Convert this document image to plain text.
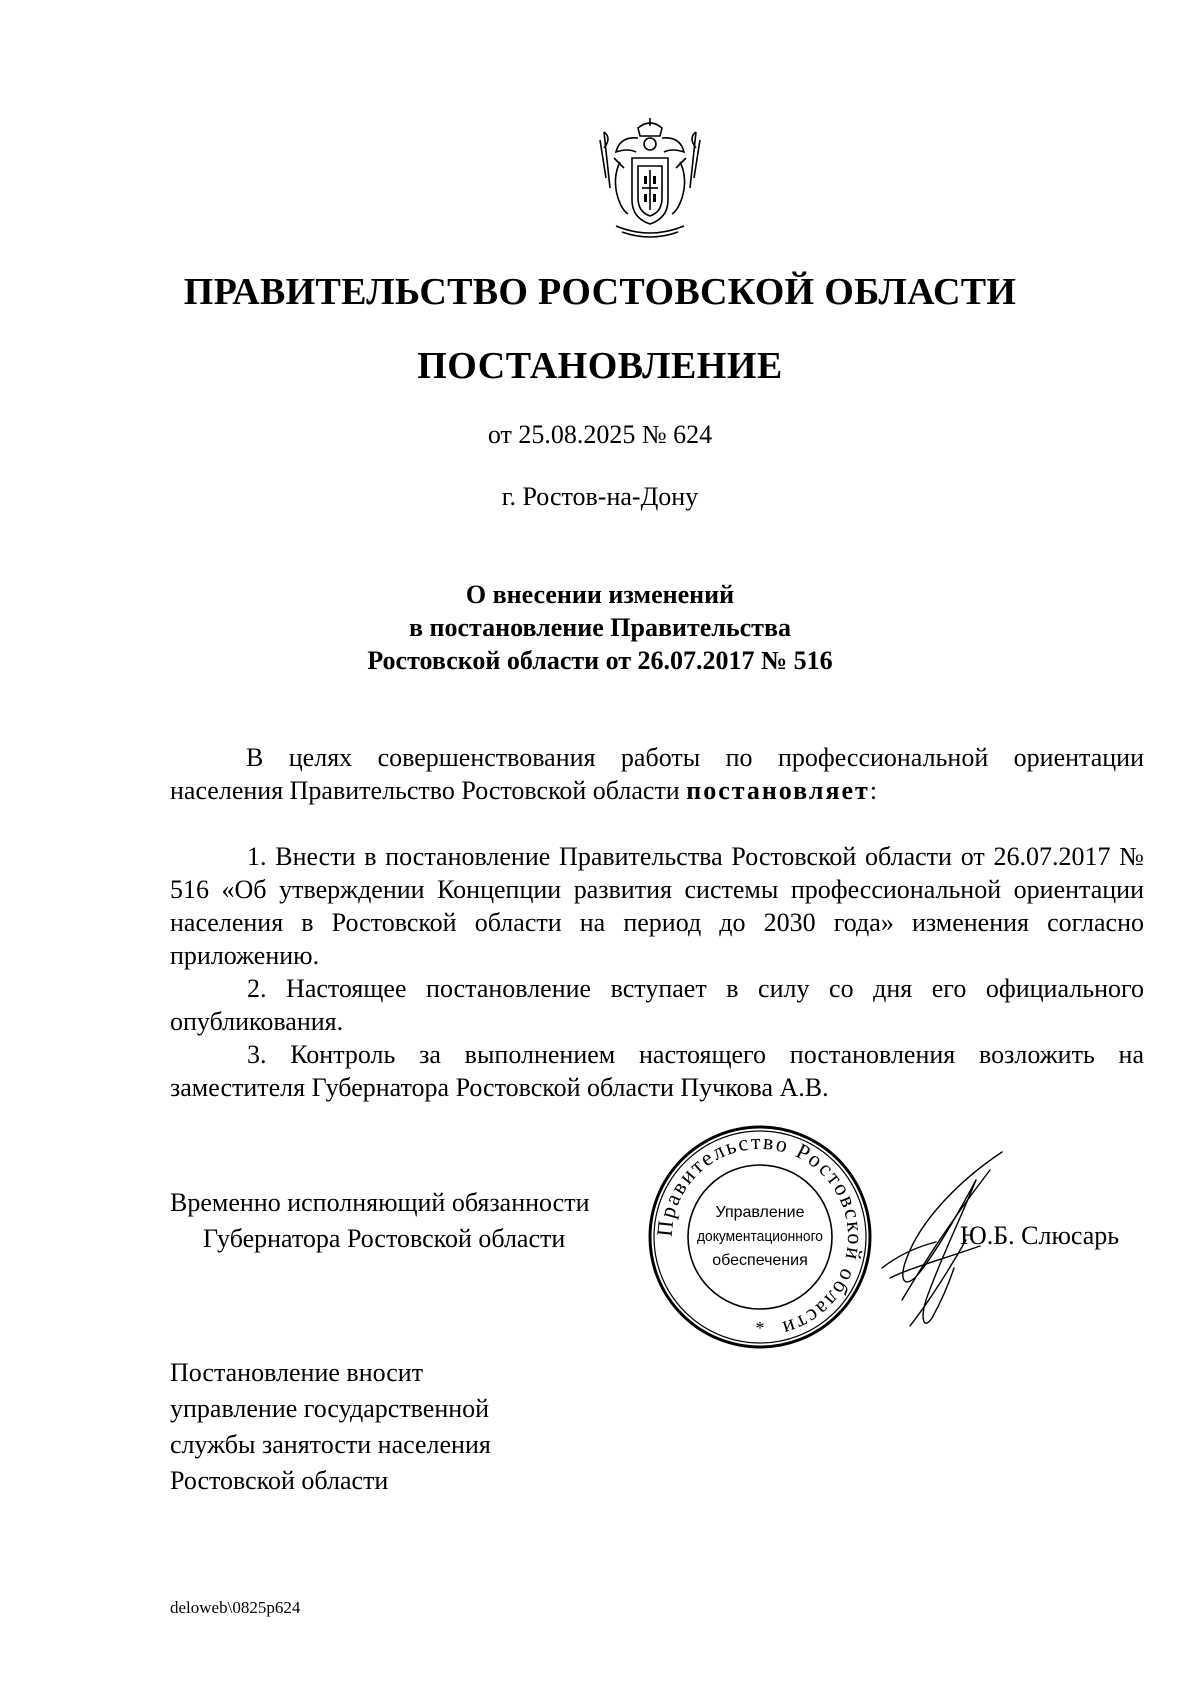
ПРАВИТЕЛЬСТВО РОСТОВСКОЙ ОБЛАСТИ
ПОСТАНОВЛЕНИЕ
от 25.08.2025 № 624
г. Ростов-на-Дону
О внесении изменений
в постановление Правительства
Ростовской области от 26.07.2017 № 516

В целях совершенствования работы по профессиональной ориентации населения Правительство Ростовской области постановляет:

1. Внести в постановление Правительства Ростовской области от 26.07.2017 № 516 «Об утверждении Концепции развития системы профессиональной ориентации населения в Ростовской области на период до 2030 года» изменения согласно приложению.

2. Настоящее постановление вступает в силу со дня его официального опубликования.

3. Контроль за выполнением настоящего постановления возложить на заместителя Губернатора Ростовской области Пучкова А.В.

Временно исполняющий обязанности
Губернатора Ростовской области	Правительство Ростовской области
Управление
документационного
обеспечения
*
Ю.Б. Слюсарь
Постановление вносит
управление государственной
службы занятости населения
Ростовской области
deloweb\0825p624
